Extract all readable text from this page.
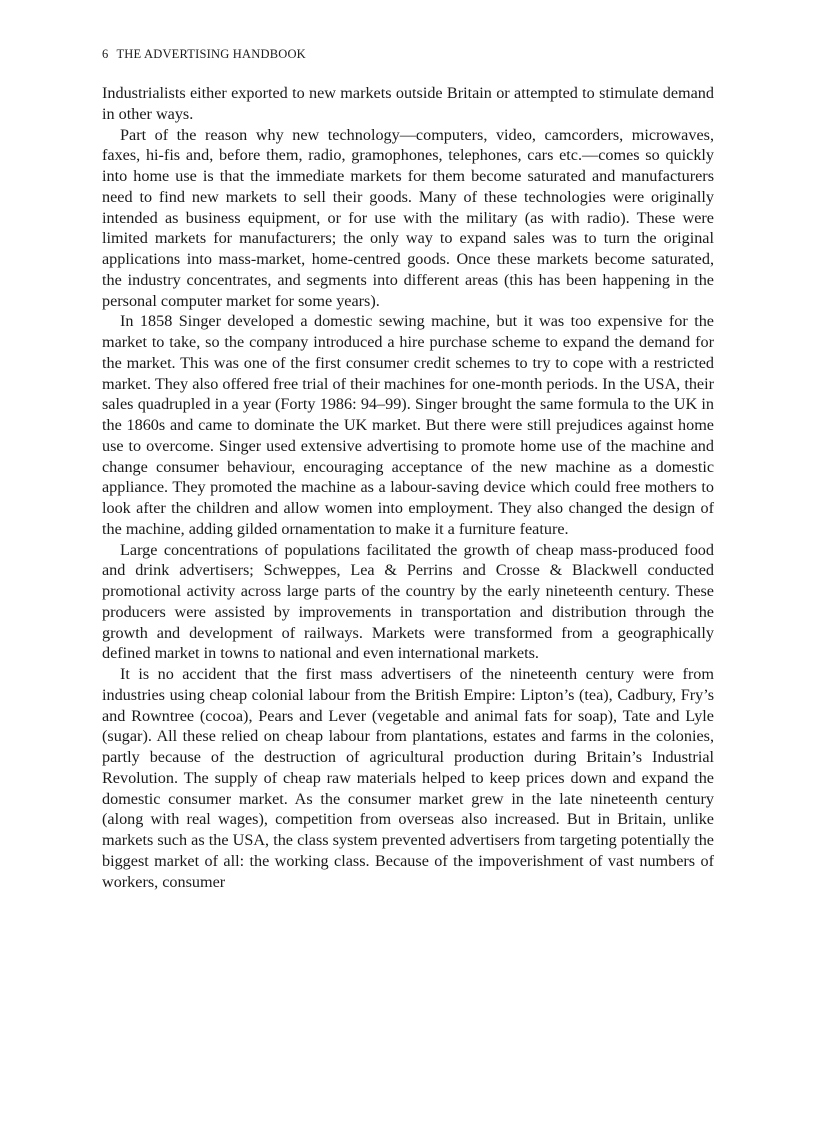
6 THE ADVERTISING HANDBOOK

Industrialists either exported to new markets outside Britain or attempted to stimulate demand in other ways.

Part of the reason why new technology—computers, video, camcorders, microwaves, faxes, hi-fis and, before them, radio, gramophones, telephones, cars etc.—comes so quickly into home use is that the immediate markets for them become saturated and manufacturers need to find new markets to sell their goods. Many of these technologies were originally intended as business equipment, or for use with the military (as with radio). These were limited markets for manufacturers; the only way to expand sales was to turn the original applications into mass-market, home-centred goods. Once these markets become saturated, the industry concentrates, and segments into different areas (this has been happening in the personal computer market for some years).

In 1858 Singer developed a domestic sewing machine, but it was too expensive for the market to take, so the company introduced a hire purchase scheme to expand the demand for the market. This was one of the first consumer credit schemes to try to cope with a restricted market. They also offered free trial of their machines for one-month periods. In the USA, their sales quadrupled in a year (Forty 1986: 94–99). Singer brought the same formula to the UK in the 1860s and came to dominate the UK market. But there were still prejudices against home use to overcome. Singer used extensive advertising to promote home use of the machine and change consumer behaviour, encouraging acceptance of the new machine as a domestic appliance. They promoted the machine as a labour-saving device which could free mothers to look after the children and allow women into employment. They also changed the design of the machine, adding gilded ornamentation to make it a furniture feature.

Large concentrations of populations facilitated the growth of cheap mass-produced food and drink advertisers; Schweppes, Lea & Perrins and Crosse & Blackwell conducted promotional activity across large parts of the country by the early nineteenth century. These producers were assisted by improvements in transportation and distribution through the growth and development of railways. Markets were transformed from a geographically defined market in towns to national and even international markets.

It is no accident that the first mass advertisers of the nineteenth century were from industries using cheap colonial labour from the British Empire: Lipton’s (tea), Cadbury, Fry’s and Rowntree (cocoa), Pears and Lever (vegetable and animal fats for soap), Tate and Lyle (sugar). All these relied on cheap labour from plantations, estates and farms in the colonies, partly because of the destruction of agricultural production during Britain’s Industrial Revolution. The supply of cheap raw materials helped to keep prices down and expand the domestic consumer market. As the consumer market grew in the late nineteenth century (along with real wages), competition from overseas also increased. But in Britain, unlike markets such as the USA, the class system prevented advertisers from targeting potentially the biggest market of all: the working class. Because of the impoverishment of vast numbers of workers, consumer
